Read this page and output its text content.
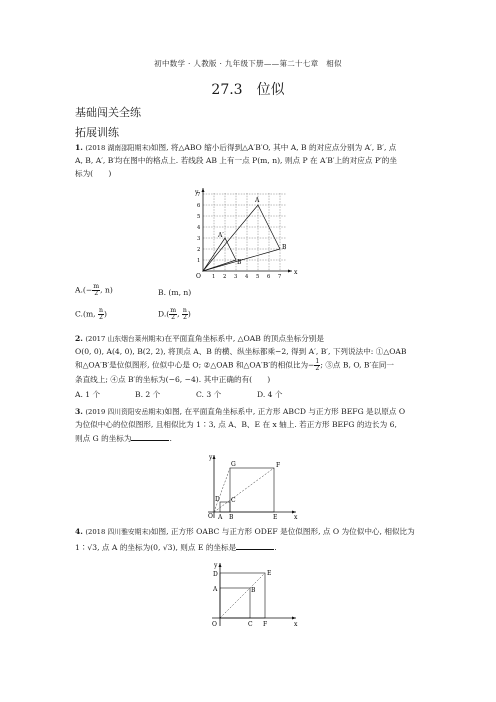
初中数学 · 人教版 · 九年级下册——第二十七章　相似
27.3　位似
基础闯关全练
拓展训练
1. (2018 湖南邵阳期末)如图, 将△ABO 缩小后得到△A′B′O, 其中 A, B 的对应点分别为 A′, B′, 点
A, B, A′, B′均在图中的格点上. 若线段 AB 上有一点 P(m, n), 则点 P 在 A′B′上的对应点 P′的坐
标为(　　)
y
x
O
A
B
A′
B′
1 2 3 4 5 6 7
1
2
3
4
5
6
7
$A.(- \frac{m}{2}$ , n)	B. (m, n)
C.(m, $\frac{n}{2}$ )	$D.( \frac{m}{2}$ , $\frac{n}{2}$ )
2. (2017 山东烟台莱州期末)在平面直角坐标系中, △OAB 的顶点坐标分别是
O(0, 0), A(4, 0), B(2, 2), 将顶点 A、B 的横、纵坐标都乘−2, 得到 A′, B′, 下列说法中: ①△OAB
和△OA′B′是位似图形, 位似中心是 O; ②△OAB 和△OA′B′的相似比为− $\frac{1}{2}$ ; ③点 B, O, B′在同一
条直线上; ④点 B′的坐标为(−6, −4). 其中正确的有(　　)
A. 1 个	B. 2 个	C. 3 个	D. 4 个
3. (2019 四川资阳安岳期末)如图, 在平面直角坐标系中, 正方形 ABCD 与正方形 BEFG 是以原点 O
为位似中心的位似图形, 且相似比为 1∶3, 点 A、B、E 在 x 轴上. 若正方形 BEFG 的边长为 6,
则点 G 的坐标为	.
y
x
O A B	E
F
G
C
D
4. (2018 四川雅安期末)如图, 正方形 OABC 与正方形 ODEF 是位似图形, 点 O 为位似中心, 相似比为
1∶√3, 点 A 的坐标为(0, √3), 则点 E 的坐标是	.
y
x
O
A
D
B
E
C F
